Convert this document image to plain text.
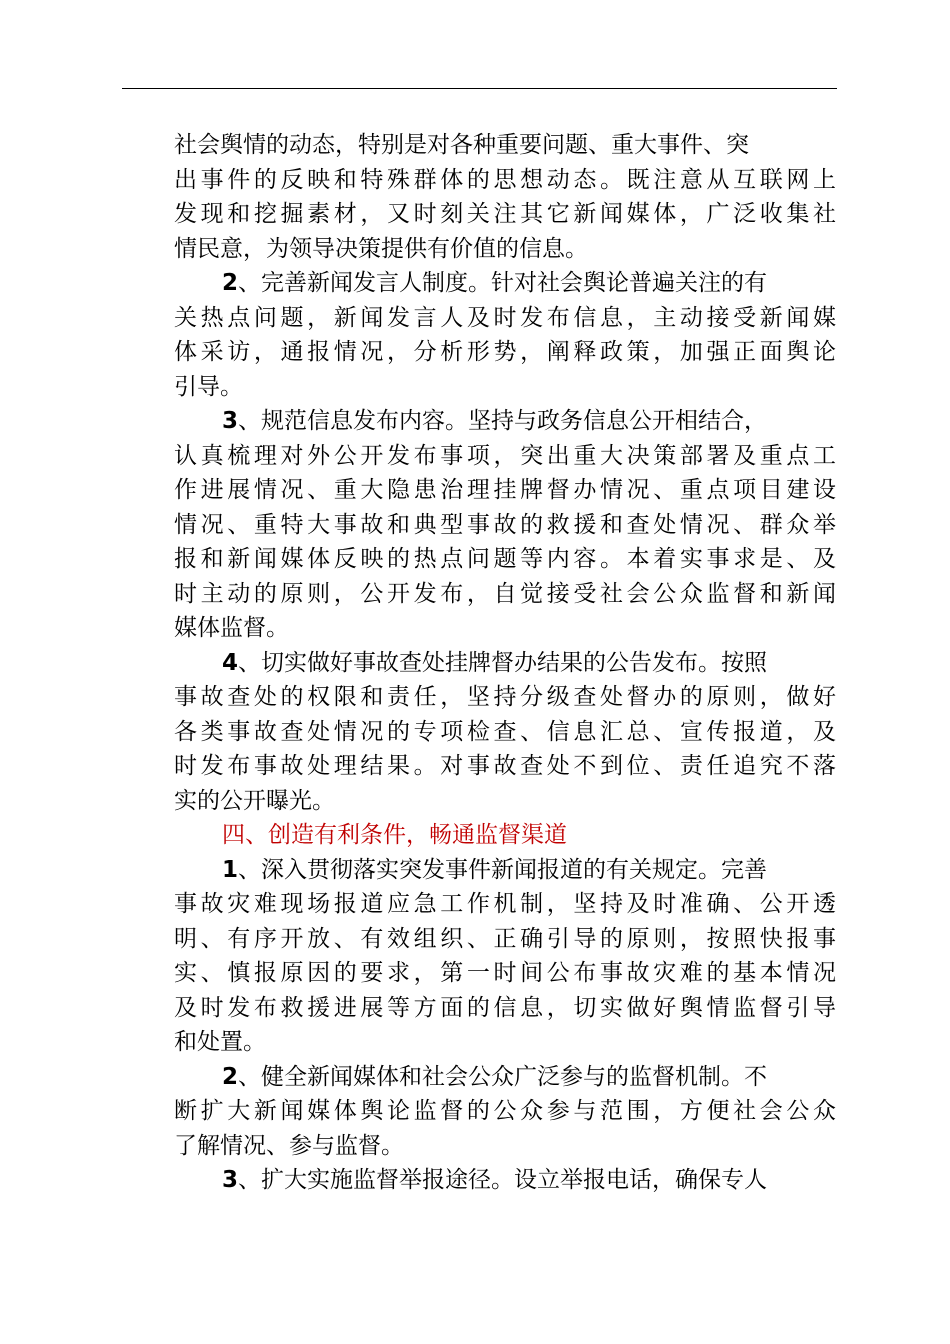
社会舆情的动态，特别是对各种重要问题、重大事件、突
出事件的反映和特殊群体的思想动态。既注意从互联网上
发现和挖掘素材，又时刻关注其它新闻媒体，广泛收集社
情民意，为领导决策提供有价值的信息。
2、完善新闻发言人制度。针对社会舆论普遍关注的有
关热点问题，新闻发言人及时发布信息，主动接受新闻媒
体采访，通报情况，分析形势，阐释政策，加强正面舆论
引导。
3、规范信息发布内容。坚持与政务信息公开相结合，
认真梳理对外公开发布事项，突出重大决策部署及重点工
作进展情况、重大隐患治理挂牌督办情况、重点项目建设
情况、重特大事故和典型事故的救援和查处情况、群众举
报和新闻媒体反映的热点问题等内容。本着实事求是、及
时主动的原则，公开发布，自觉接受社会公众监督和新闻
媒体监督。
4、切实做好事故查处挂牌督办结果的公告发布。按照
事故查处的权限和责任，坚持分级查处督办的原则，做好
各类事故查处情况的专项检查、信息汇总、宣传报道，及
时发布事故处理结果。对事故查处不到位、责任追究不落
实的公开曝光。
四、创造有利条件，畅通监督渠道
1、深入贯彻落实突发事件新闻报道的有关规定。完善
事故灾难现场报道应急工作机制，坚持及时准确、公开透
明、有序开放、有效组织、正确引导的原则，按照快报事
实、慎报原因的要求，第一时间公布事故灾难的基本情况
及时发布救援进展等方面的信息，切实做好舆情监督引导
和处置。
2、健全新闻媒体和社会公众广泛参与的监督机制。不
断扩大新闻媒体舆论监督的公众参与范围，方便社会公众
了解情况、参与监督。
3、扩大实施监督举报途径。设立举报电话，确保专人
